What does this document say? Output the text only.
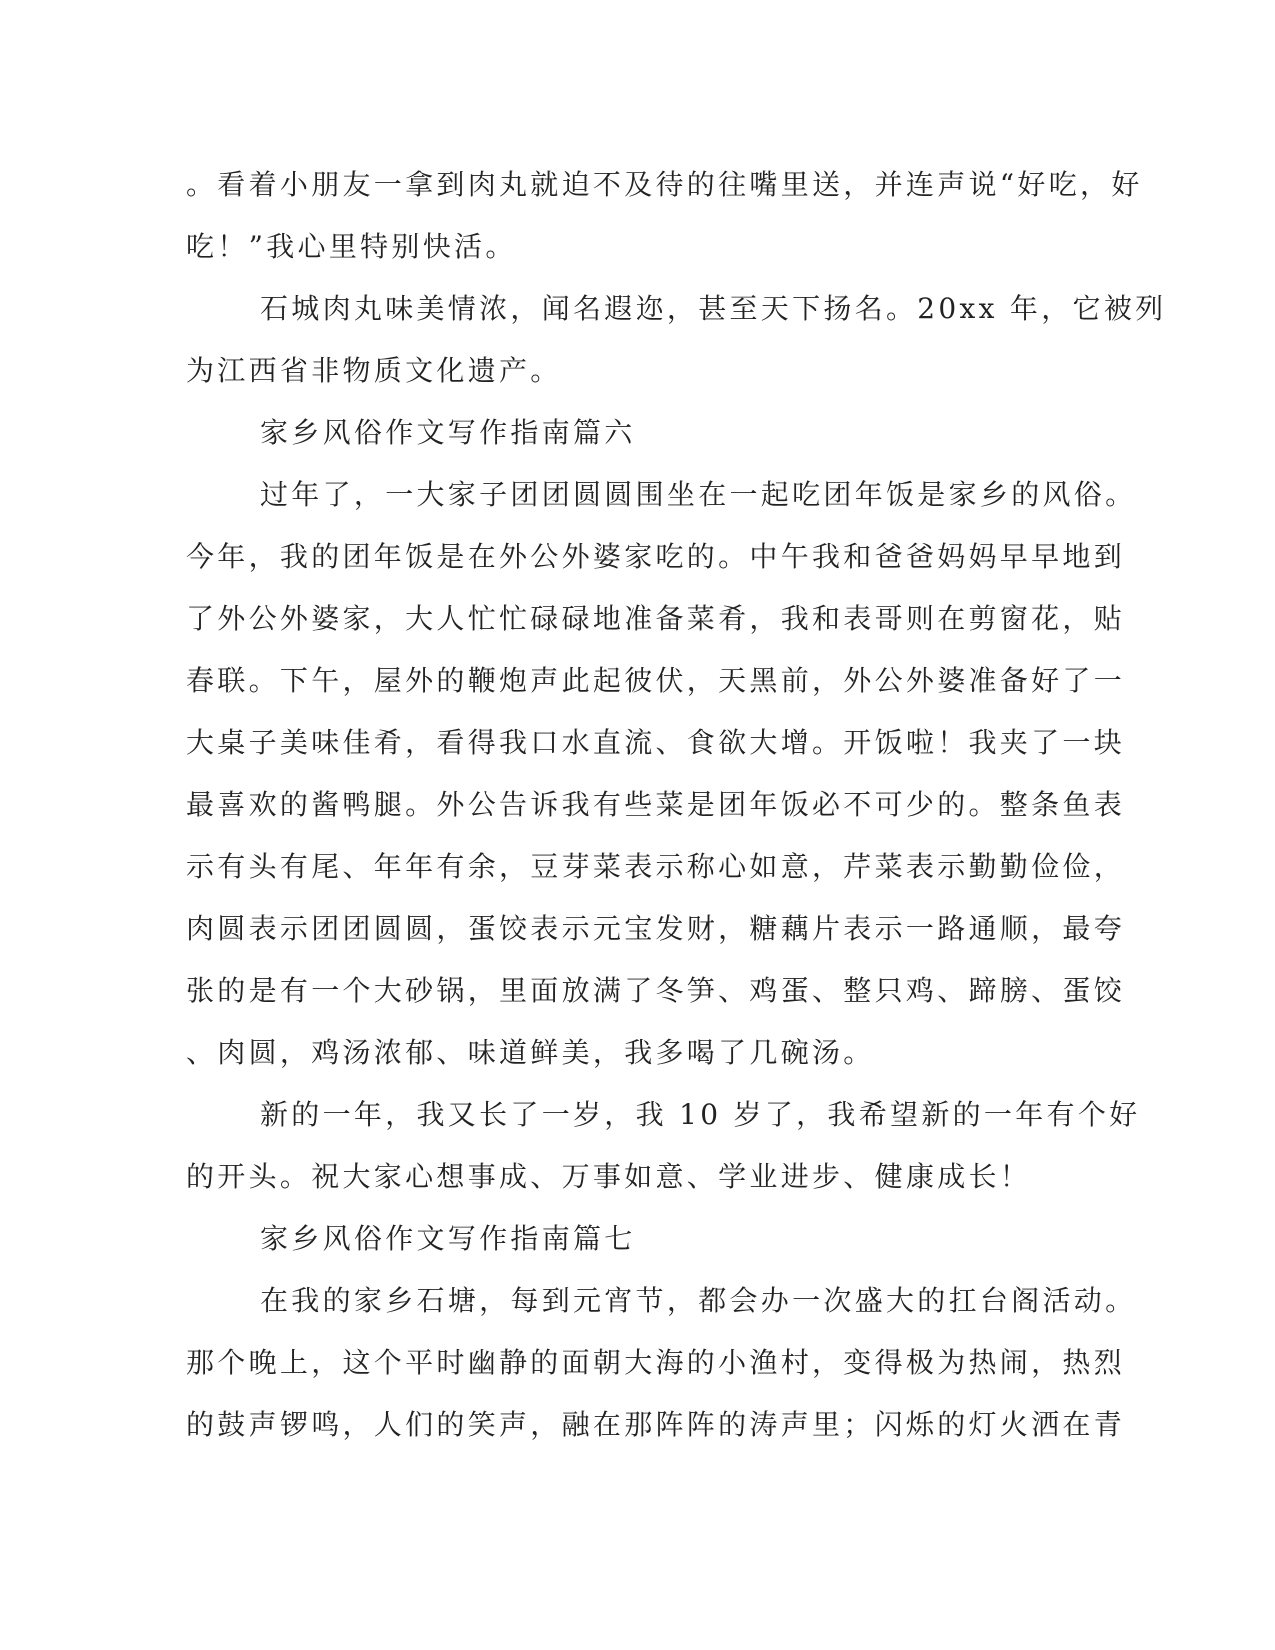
。看着小朋友一拿到肉丸就迫不及待的往嘴里送，并连声说“好吃，好
吃！”我心里特别快活。
石城肉丸味美情浓，闻名遐迩，甚至天下扬名。20xx 年，它被列
为江西省非物质文化遗产。
家乡风俗作文写作指南篇六
过年了，一大家子团团圆圆围坐在一起吃团年饭是家乡的风俗。
今年，我的团年饭是在外公外婆家吃的。中午我和爸爸妈妈早早地到
了外公外婆家，大人忙忙碌碌地准备菜肴，我和表哥则在剪窗花，贴
春联。下午，屋外的鞭炮声此起彼伏，天黑前，外公外婆准备好了一
大桌子美味佳肴，看得我口水直流、食欲大增。开饭啦！我夹了一块
最喜欢的酱鸭腿。外公告诉我有些菜是团年饭必不可少的。整条鱼表
示有头有尾、年年有余，豆芽菜表示称心如意，芹菜表示勤勤俭俭，
肉圆表示团团圆圆，蛋饺表示元宝发财，糖藕片表示一路通顺，最夸
张的是有一个大砂锅，里面放满了冬笋、鸡蛋、整只鸡、蹄膀、蛋饺
、肉圆，鸡汤浓郁、味道鲜美，我多喝了几碗汤。
新的一年，我又长了一岁，我 10 岁了，我希望新的一年有个好
的开头。祝大家心想事成、万事如意、学业进步、健康成长！
家乡风俗作文写作指南篇七
在我的家乡石塘，每到元宵节，都会办一次盛大的扛台阁活动。
那个晚上，这个平时幽静的面朝大海的小渔村，变得极为热闹，热烈
的鼓声锣鸣，人们的笑声，融在那阵阵的涛声里；闪烁的灯火洒在青
